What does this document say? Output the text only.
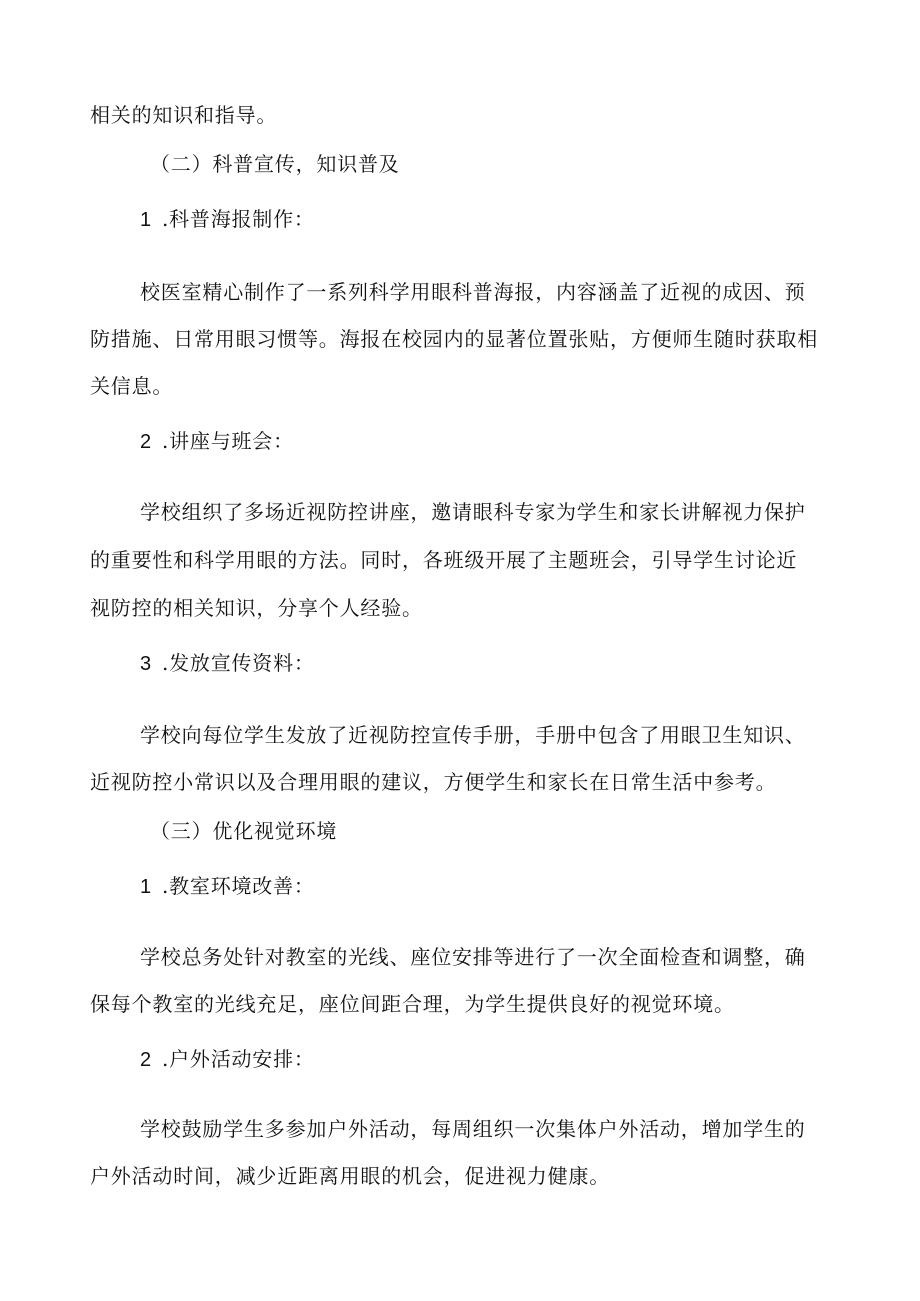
相关的知识和指导。
（二）科普宣传，知识普及
1 .科普海报制作：
校医室精心制作了一系列科学用眼科普海报，内容涵盖了近视的成因、预
防措施、日常用眼习惯等。海报在校园内的显著位置张贴，方便师生随时获取相
关信息。
2 .讲座与班会：
学校组织了多场近视防控讲座，邀请眼科专家为学生和家长讲解视力保护
的重要性和科学用眼的方法。同时，各班级开展了主题班会，引导学生讨论近
视防控的相关知识，分享个人经验。
3 .发放宣传资料：
学校向每位学生发放了近视防控宣传手册，手册中包含了用眼卫生知识、
近视防控小常识以及合理用眼的建议，方便学生和家长在日常生活中参考。
（三）优化视觉环境
1 .教室环境改善：
学校总务处针对教室的光线、座位安排等进行了一次全面检查和调整，确
保每个教室的光线充足，座位间距合理，为学生提供良好的视觉环境。
2 .户外活动安排：
学校鼓励学生多参加户外活动，每周组织一次集体户外活动，增加学生的
户外活动时间，减少近距离用眼的机会，促进视力健康。
